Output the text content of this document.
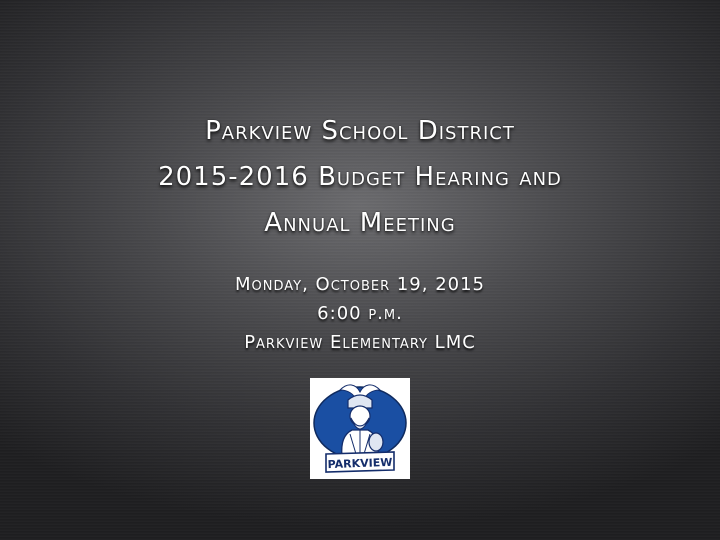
Parkview School District
2015-2016 Budget Hearing and
Annual Meeting
Monday, October 19, 2015
6:00 p.m.
Parkview Elementary LMC
PARKVIEW
